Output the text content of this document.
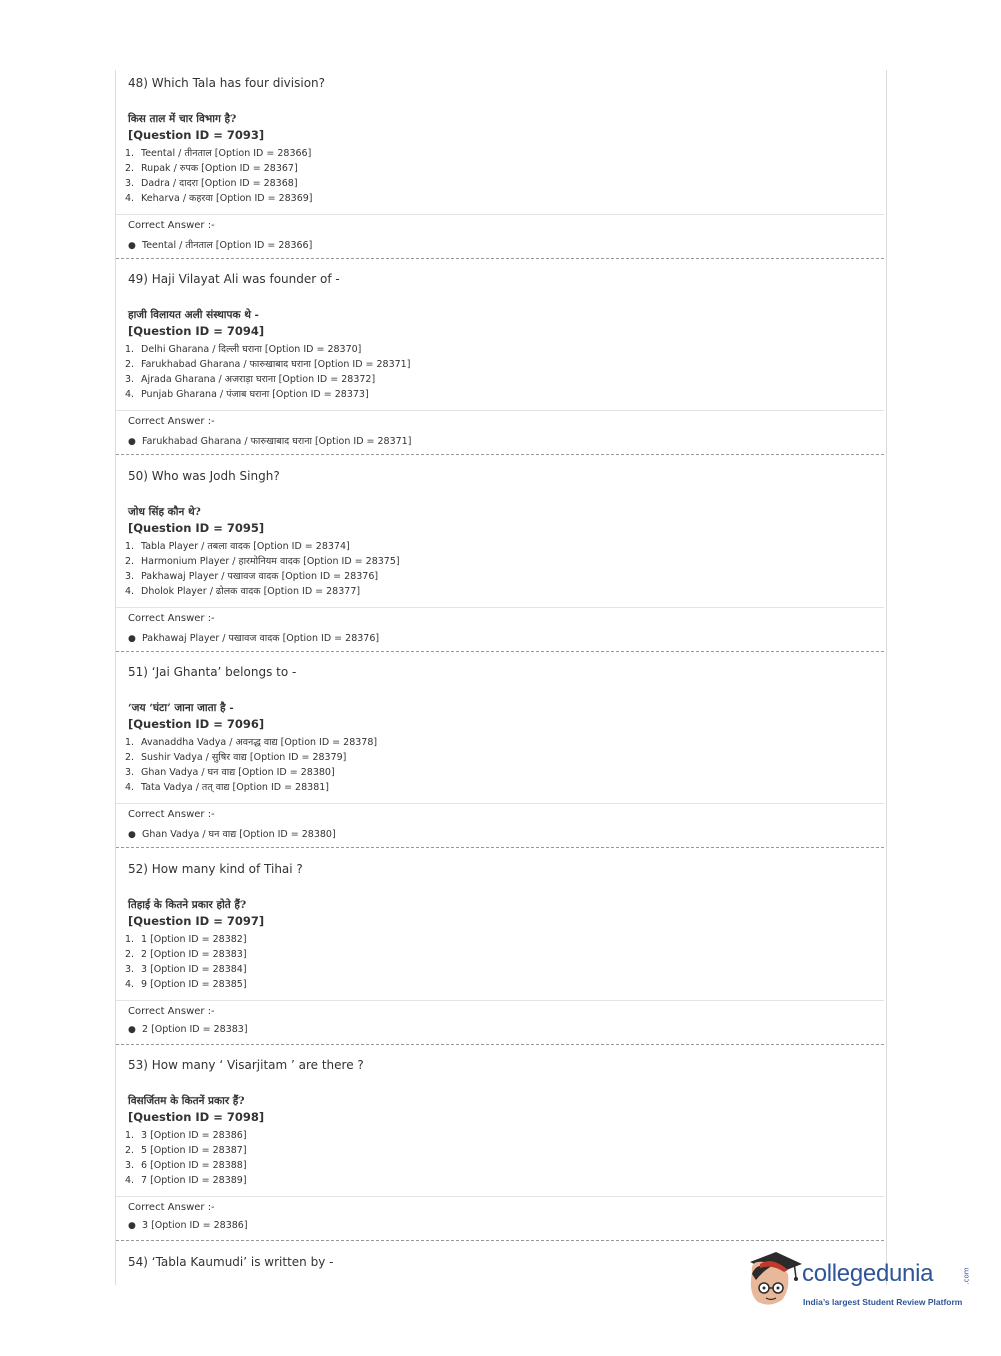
48) Which Tala has four division?
किस ताल में चार विभाग है?
[Question ID = 7093]
1. Teental / तीनताल [Option ID = 28366]
2. Rupak / रुपक [Option ID = 28367]
3. Dadra / दादरा [Option ID = 28368]
4. Keharva / कहरवा [Option ID = 28369]
Correct Answer :-
● Teental / तीनताल [Option ID = 28366]
49) Haji Vilayat Ali was founder of -
हाजी विलायत अली संस्थापक थे -
[Question ID = 7094]
1. Delhi Gharana / दिल्ली घराना [Option ID = 28370]
2. Farukhabad Gharana / फारुखाबाद घराना [Option ID = 28371]
3. Ajrada Gharana / अजराड़ा घराना [Option ID = 28372]
4. Punjab Gharana / पंजाब घराना [Option ID = 28373]
Correct Answer :-
● Farukhabad Gharana / फारुखाबाद घराना [Option ID = 28371]
50) Who was Jodh Singh?
जोध सिंह कौन थे?
[Question ID = 7095]
1. Tabla Player / तबला वादक [Option ID = 28374]
2. Harmonium Player / हारमोनियम वादक [Option ID = 28375]
3. Pakhawaj Player / पखावज वादक [Option ID = 28376]
4. Dholok Player / ढोलक वादक [Option ID = 28377]
Correct Answer :-
● Pakhawaj Player / पखावज वादक [Option ID = 28376]
51) ‘Jai Ghanta’ belongs to -
‘जय ‘घंटा’ जाना जाता है -
[Question ID = 7096]
1. Avanaddha Vadya / अवनद्ध वाद्य [Option ID = 28378]
2. Sushir Vadya / सुषिर वाद्य [Option ID = 28379]
3. Ghan Vadya / घन वाद्य [Option ID = 28380]
4. Tata Vadya / तत् वाद्य [Option ID = 28381]
Correct Answer :-
● Ghan Vadya / घन वाद्य [Option ID = 28380]
52) How many kind of Tihai ?
तिहाई के कितने प्रकार होते हैं?
[Question ID = 7097]
1. 1 [Option ID = 28382]
2. 2 [Option ID = 28383]
3. 3 [Option ID = 28384]
4. 9 [Option ID = 28385]
Correct Answer :-
● 2 [Option ID = 28383]
53) How many ‘ Visarjitam ’ are there ?
विसर्जितम के कितनें प्रकार हैं?
[Question ID = 7098]
1. 3 [Option ID = 28386]
2. 5 [Option ID = 28387]
3. 6 [Option ID = 28388]
4. 7 [Option ID = 28389]
Correct Answer :-
● 3 [Option ID = 28386]
54) ‘Tabla Kaumudi’ is written by -	collegedunia	.com
India’s largest Student Review Platform
